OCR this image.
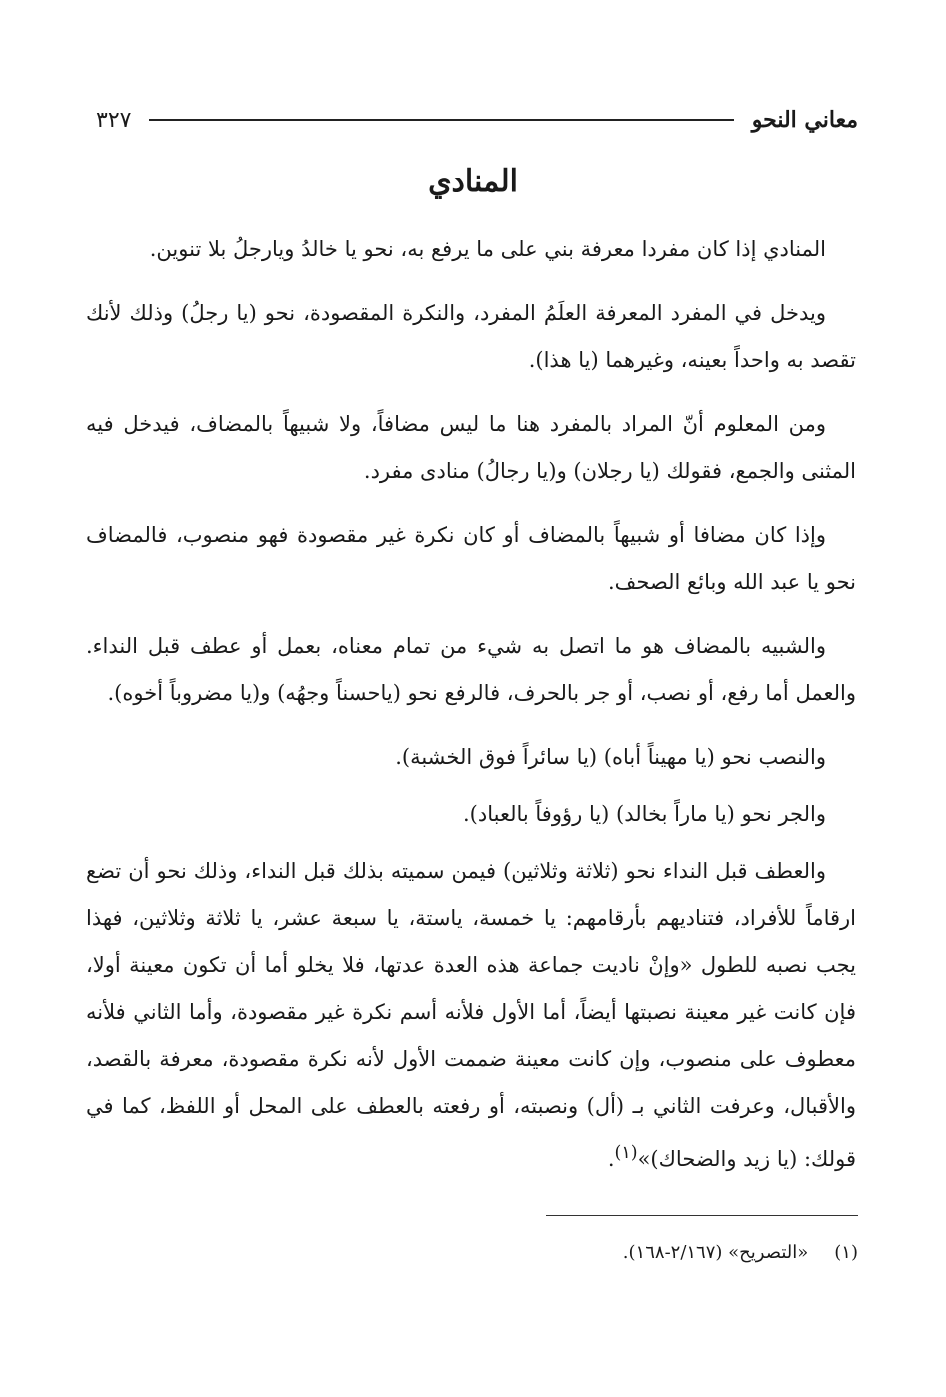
معاني النحو
٣٢٧
المنادي

المنادي إذا كان مفردا معرفة بني على ما يرفع به، نحو يا خالدُ ويارجلُ بلا تنوين.

ويدخل في المفرد المعرفة العلَمُ المفرد، والنكرة المقصودة، نحو (يا رجلُ) وذلك لأنك تقصد به واحداً بعينه، وغيرهما (يا هذا).

ومن المعلوم أنّ المراد بالمفرد هنا ما ليس مضافاً، ولا شبيهاً بالمضاف، فيدخل فيه المثنى والجمع، فقولك (يا رجلان) و(يا رجالُ) منادى مفرد.

وإذا كان مضافا أو شبيهاً بالمضاف أو كان نكرة غير مقصودة فهو منصوب، فالمضاف نحو يا عبد الله وبائع الصحف.

والشبيه بالمضاف هو ما اتصل به شيء من تمام معناه، بعمل أو عطف قبل النداء. والعمل أما رفع، أو نصب، أو جر بالحرف، فالرفع نحو (ياحسناً وجهُه) و(يا مضروباً أخوه).

والنصب نحو (يا مهيناً أباه) (يا سائراً فوق الخشبة).

والجر نحو (يا ماراً بخالد) (يا رؤوفاً بالعباد).

والعطف قبل النداء نحو (ثلاثة وثلاثين) فيمن سميته بذلك قبل النداء، وذلك نحو أن تضع ارقاماً للأفراد، فتناديهم بأرقامهم: يا خمسة، ياستة، يا سبعة عشر، يا ثلاثة وثلاثين، فهذا يجب نصبه للطول «وإنْ ناديت جماعة هذه العدة عدتها، فلا يخلو أما أن تكون معينة أولا، فإن كانت غير معينة نصبتها أيضاً، أما الأول فلأنه أسم نكرة غير مقصودة، وأما الثاني فلأنه معطوف على منصوب، وإن كانت معينة ضممت الأول لأنه نكرة مقصودة، معرفة بالقصد، والأقبال، وعرفت الثاني بـ (أل) ونصبته، أو رفعته بالعطف على المحل أو اللفظ، كما في قولك: (يا زيد والضحاك)»$^{(١)}$.

(١)«التصريح» (٢/١٦٧-١٦٨).
